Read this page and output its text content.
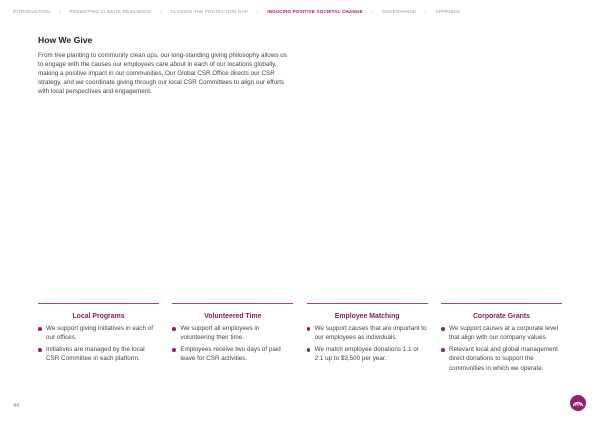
INTRODUCTION | PROMOTING CLIMATE RESILIENCE | CLOSING THE PROTECTION GAP | INDUCING POSITIVE SOCIETAL CHANGE | GOVERNANCE | APPENDIX
How We Give

From tree planting to community clean ups, our long-standing giving philosophy allows us to engage with the causes our employees care about in each of our locations globally, making a positive impact in our communities. Our Global CSR Office directs our CSR strategy, and we coordinate giving through our local CSR Committees to align our efforts with local perspectives and engagement.

Local Programs
We support giving initiatives in each of our offices.
Initiatives are managed by the local CSR Committee in each platform.
Volunteered Time
We support all employees in volunteering their time.
Employees receive two days of paid leave for CSR activities.
Employee Matching
We support causes that are important to our employees as individuals.
We match employee donations 1:1 or 2:1 up to $3,500 per year.
Corporate Grants
We support causes at a corporate level that align with our company values.
Relevant local and global management direct donations to support the communities in which we operate.
44
